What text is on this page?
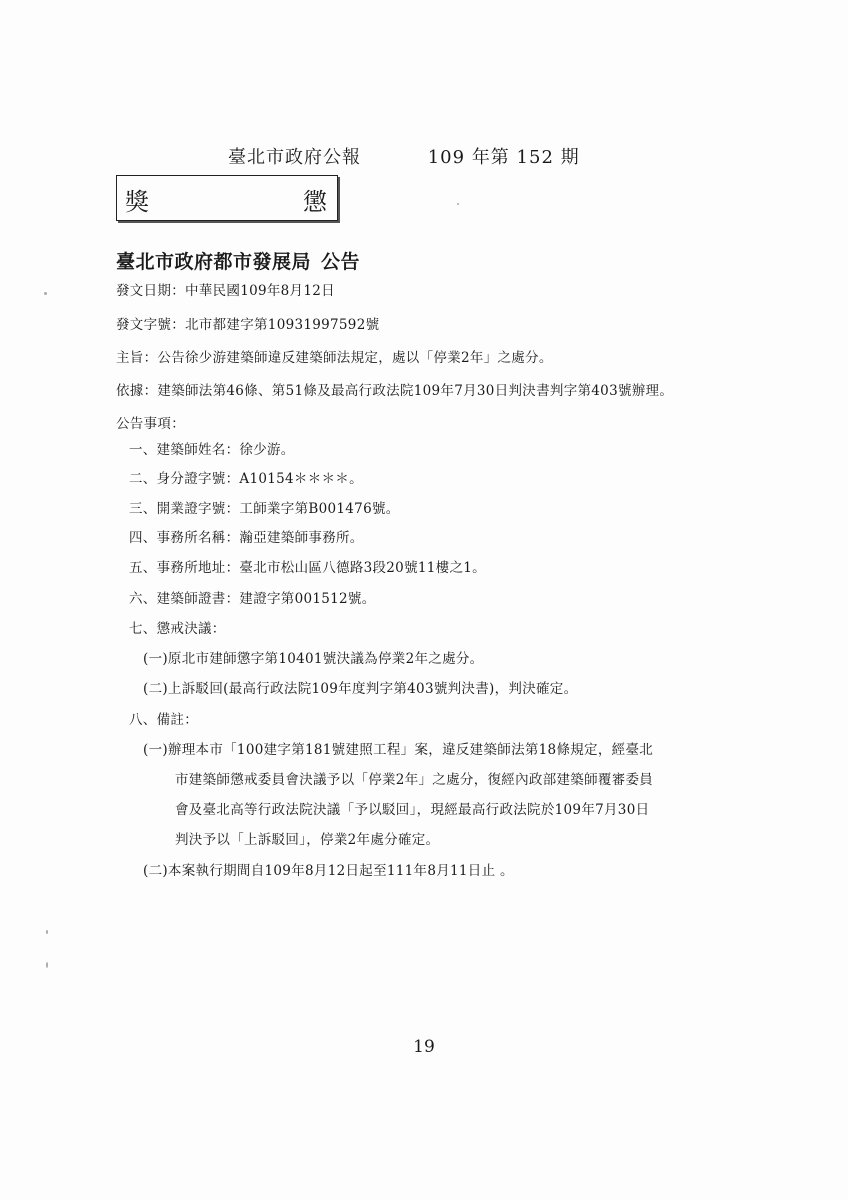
臺北市政府公報	109 年第 152 期
獎	懲
臺北市政府都市發展局 公告
發文日期：中華民國109年8月12日
發文字號：北市都建字第10931997592號
主旨：公告徐少游建築師違反建築師法規定，處以「停業2年」之處分。
依據：建築師法第46條、第51條及最高行政法院109年7月30日判決書判字第403號辦理。
公告事項：
一、建築師姓名：徐少游。
二、身分證字號：A10154＊＊＊＊。
三、開業證字號：工師業字第B001476號。
四、事務所名稱：瀚亞建築師事務所。
五、事務所地址：臺北市松山區八德路3段20號11樓之1。
六、建築師證書：建證字第001512號。
七、懲戒決議：
(一)原北市建師懲字第10401號決議為停業2年之處分。
(二)上訴駁回(最高行政法院109年度判字第403號判決書)，判決確定。
八、備註：
(一)辦理本市「100建字第181號建照工程」案，違反建築師法第18條規定，經臺北
市建築師懲戒委員會決議予以「停業2年」之處分，復經內政部建築師覆審委員
會及臺北高等行政法院決議「予以駁回」，現經最高行政法院於109年7月30日
判決予以「上訴駁回」，停業2年處分確定。
(二)本案執行期間自109年8月12日起至111年8月11日止 。
19
